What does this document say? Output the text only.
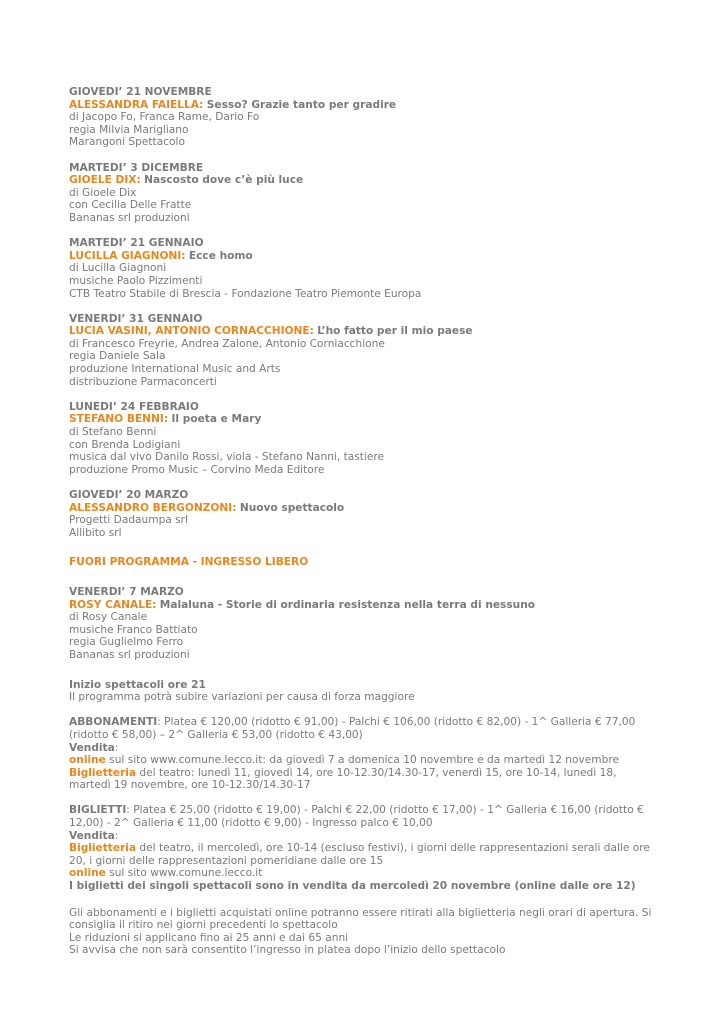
GIOVEDI’ 21 NOVEMBRE
ALESSANDRA FAIELLA: Sesso? Grazie tanto per gradire
di Jacopo Fo, Franca Rame, Dario Fo
regia Milvia Marigliano
Marangoni Spettacolo
MARTEDI’ 3 DICEMBRE
GIOELE DIX: Nascosto dove c’è più luce
di Gioele Dix
con Cecilia Delle Fratte
Bananas srl produzioni
MARTEDI’ 21 GENNAIO
LUCILLA GIAGNONI: Ecce homo
di Lucilla Giagnoni
musiche Paolo Pizzimenti
CTB Teatro Stabile di Brescia - Fondazione Teatro Piemonte Europa
VENERDI’ 31 GENNAIO
LUCIA VASINI, ANTONIO CORNACCHIONE: L’ho fatto per il mio paese
di Francesco Freyrie, Andrea Zalone, Antonio Corniacchione
regia Daniele Sala
produzione International Music and Arts
distribuzione Parmaconcerti
LUNEDI’ 24 FEBBRAIO
STEFANO BENNI: Il poeta e Mary
di Stefano Benni
con Brenda Lodigiani
musica dal vivo Danilo Rossi, viola - Stefano Nanni, tastiere
produzione Promo Music – Corvino Meda Editore
GIOVEDI’ 20 MARZO
ALESSANDRO BERGONZONI: Nuovo spettacolo
Progetti Dadaumpa srl
Allibito srl
FUORI PROGRAMMA - INGRESSO LIBERO
VENERDI’ 7 MARZO
ROSY CANALE: Malaluna - Storie di ordinaria resistenza nella terra di nessuno
di Rosy Canale
musiche Franco Battiato
regia Guglielmo Ferro
Bananas srl produzioni
Inizio spettacoli ore 21
Il programma potrà subire variazioni per causa di forza maggiore
ABBONAMENTI: Platea € 120,00 (ridotto € 91,00) - Palchi € 106,00 (ridotto € 82,00) - 1^ Galleria € 77,00 (ridotto € 58,00) – 2^ Galleria € 53,00 (ridotto € 43,00)
Vendita:
online sul sito www.comune.lecco.it: da giovedì 7 a domenica 10 novembre e da martedì 12 novembre
Biglietteria del teatro: lunedì 11, giovedì 14, ore 10-12.30/14.30-17, venerdì 15, ore 10-14, lunedì 18, martedì 19 novembre, ore 10-12.30/14.30-17
BIGLIETTI: Platea € 25,00 (ridotto € 19,00) - Palchi € 22,00 (ridotto € 17,00) - 1^ Galleria € 16,00 (ridotto € 12,00) - 2^ Galleria € 11,00 (ridotto € 9,00) - Ingresso palco € 10,00
Vendita:
Biglietteria del teatro, il mercoledì, ore 10-14 (escluso festivi), i giorni delle rappresentazioni serali dalle ore 20, i giorni delle rappresentazioni pomeridiane dalle ore 15
online sul sito www.comune.lecco.it
I biglietti dei singoli spettacoli sono in vendita da mercoledì 20 novembre (online dalle ore 12)
Gli abbonamenti e i biglietti acquistati online potranno essere ritirati alla biglietteria negli orari di apertura. Si consiglia il ritiro nei giorni precedenti lo spettacolo
Le riduzioni si applicano fino ai 25 anni e dai 65 anni
Si avvisa che non sarà consentito l’ingresso in platea dopo l’inizio dello spettacolo
